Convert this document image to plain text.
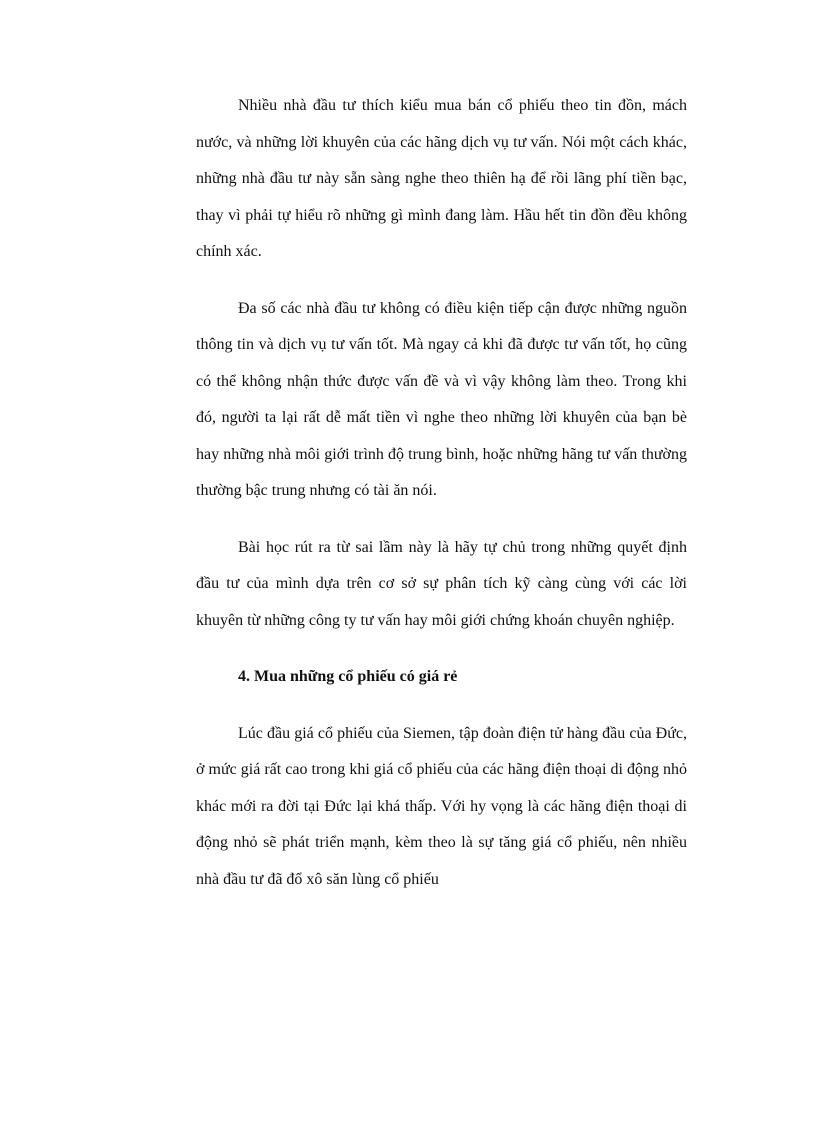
Nhiều nhà đầu tư thích kiểu mua bán cổ phiếu theo tin đồn, mách nước, và những lời khuyên của các hãng dịch vụ tư vấn. Nói một cách khác, những nhà đầu tư này sẵn sàng nghe theo thiên hạ để rồi lãng phí tiền bạc, thay vì phải tự hiểu rõ những gì mình đang làm. Hầu hết tin đồn đều không chính xác.

Đa số các nhà đầu tư không có điều kiện tiếp cận được những nguồn thông tin và dịch vụ tư vấn tốt. Mà ngay cả khi đã được tư vấn tốt, họ cũng có thể không nhận thức được vấn đề và vì vậy không làm theo. Trong khi đó, người ta lại rất dễ mất tiền vì nghe theo những lời khuyên của bạn bè hay những nhà môi giới trình độ trung bình, hoặc những hãng tư vấn thường thường bậc trung nhưng có tài ăn nói.

Bài học rút ra từ sai lầm này là hãy tự chủ trong những quyết định đầu tư của mình dựa trên cơ sở sự phân tích kỹ càng cùng với các lời khuyên từ những công ty tư vấn hay môi giới chứng khoán chuyên nghiệp.

4. Mua những cổ phiếu có giá rẻ

Lúc đầu giá cổ phiếu của Siemen, tập đoàn điện tử hàng đầu của Đức, ở mức giá rất cao trong khi giá cổ phiếu của các hãng điện thoại di động nhỏ khác mới ra đời tại Đức lại khá thấp. Với hy vọng là các hãng điện thoại di động nhỏ sẽ phát triển mạnh, kèm theo là sự tăng giá cổ phiếu, nên nhiều nhà đầu tư đã đổ xô săn lùng cổ phiếu
